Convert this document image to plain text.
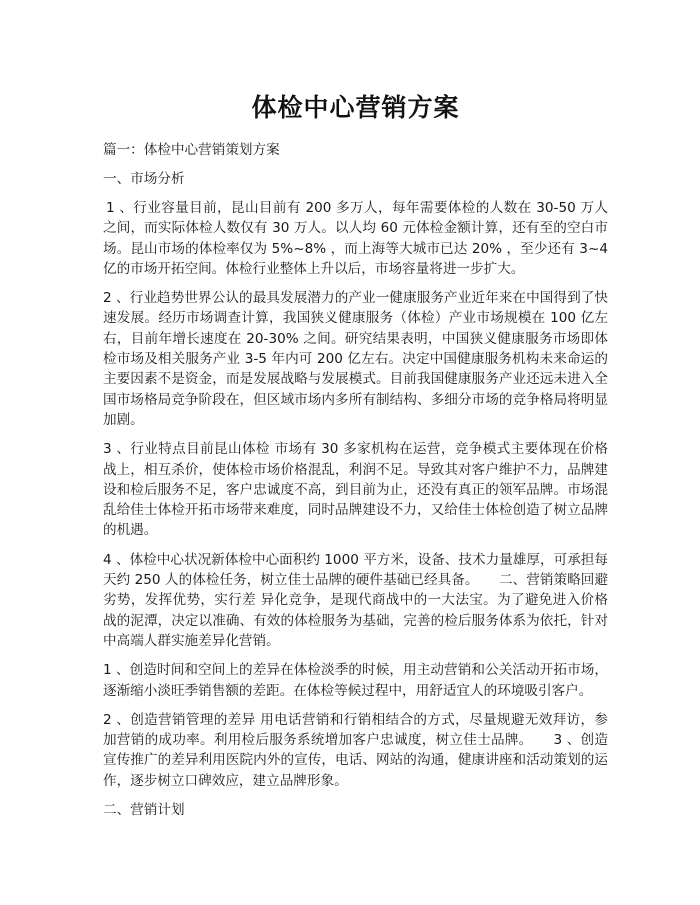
体检中心营销方案

篇一：体检中心营销策划方案

一、市场分析

1 、行业容量目前，昆山目前有 200 多万人，每年需要体检的人数在 30-50 万人之间，而实际体检人数仅有 30 万人。以人均 60 元体检金额计算，还有至的空白市场。昆山市场的体检率仅为 5%~8% ，而上海等大城市已达 20% ，至少还有 3~4 亿的市场开拓空间。体检行业整体上升以后，市场容量将进一步扩大。

2 、行业趋势世界公认的最具发展潜力的产业一健康服务产业近年来在中国得到了快速发展。经历市场调查计算，我国狭义健康服务（体检）产业市场规模在 100 亿左右，目前年增长速度在 20-30% 之间。研究结果表明，中国狭义健康服务市场即体检市场及相关服务产业 3-5 年内可 200 亿左右。决定中国健康服务机构未来命运的主要因素不是资金，而是发展战略与发展模式。目前我国健康服务产业还远未进入全国市场格局竞争阶段在，但区域市场内多所有制结构、多细分市场的竞争格局将明显加剧。

3 、行业特点目前昆山体检 市场有 30 多家机构在运营，竞争模式主要体现在价格战上，相互杀价，使体检市场价格混乱，利润不足。导致其对客户维护不力，品牌建设和检后服务不足，客户忠诚度不高，到目前为止，还没有真正的领军品牌。市场混乱给佳士体检开拓市场带来难度，同时品牌建设不力，又给佳士体检创造了树立品牌的机遇。

4 、体检中心状况新体检中心面积约 1000 平方米，设备、技术力量雄厚，可承担每天约 250 人的体检任务，树立佳士品牌的硬件基础已经具备。　　二、营销策略回避劣势，发挥优势，实行差 异化竞争，是现代商战中的一大法宝。为了避免进入价格战的泥潭，决定以准确、有效的体检服务为基础，完善的检后服务体系为依托，针对中高端人群实施差异化营销。

1 、创造时间和空间上的差异在体检淡季的时候，用主动营销和公关活动开拓市场，逐渐缩小淡旺季销售额的差距。在体检等候过程中，用舒适宜人的环境吸引客户。

2 、创造营销管理的差异 用电话营销和行销相结合的方式，尽量规避无效拜访，参加营销的成功率。利用检后服务系统增加客户忠诚度，树立佳士品牌。　　3 、创造宣传推广的差异利用医院内外的宣传，电话、网站的沟通，健康讲座和活动策划的运作，逐步树立口碑效应，建立品牌形象。

二、营销计划
